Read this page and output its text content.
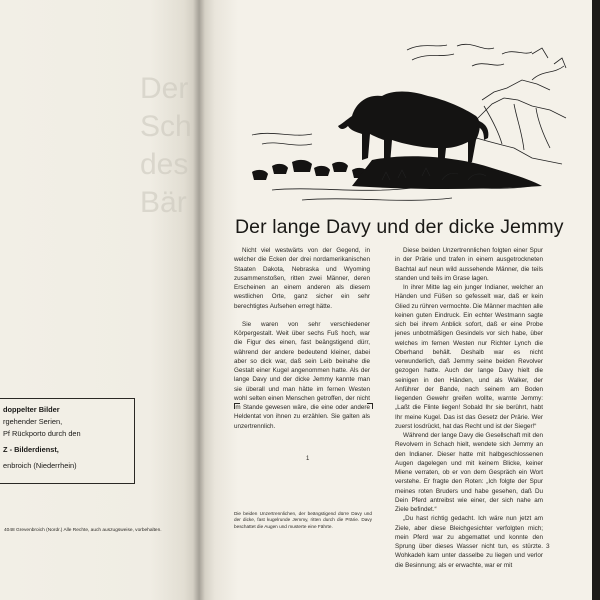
Der
Sch
des
Bär
doppelter Bilder
rgehender Serien,
Pf Rückporto durch den
Z - Bilderdienst,
enbroich (Niederrhein)
4048 Grevenbroich (Nordr.) Alle Rechte, auch auszugsweise, vorbehalten.
Der lange Davy und der dicke Jemmy

Nicht viel westwärts von der Gegend, in welcher die Ecken der drei nordamerikanischen Staaten Dakota, Nebraska und Wyoming zusammenstoßen, ritten zwei Männer, deren Erscheinen an einem anderen als diesem westlichen Orte, ganz sicher ein sehr berechtigtes Aufsehen erregt hätte.

Sie waren von sehr verschiedener Körpergestalt. Weit über sechs Fuß hoch, war die Figur des einen, fast beängstigend dürr, während der andere bedeutend kleiner, dabei aber so dick war, daß sein Leib beinahe die Gestalt einer Kugel angenommen hatte. Als der lange Davy und der dicke Jemmy kannte man sie überall und man hätte im fernen Westen wohl selten einen Menschen getroffen, der nicht im Stande gewesen wäre, die eine oder andere Heldentat von ihnen zu erzählen. Sie galten als unzertrennlich.

Diese beiden Unzertrennlichen folgten einer Spur in der Prärie und trafen in einem ausgetrockneten Bachtal auf neun wild aussehende Männer, die teils standen und teils im Grase lagen.

In ihrer Mitte lag ein junger Indianer, welcher an Händen und Füßen so gefesselt war, daß er kein Glied zu rühren vermochte. Die Männer machten alle keinen guten Eindruck. Ein echter Westmann sagte sich bei ihrem Anblick sofort, daß er eine Probe jenes unbotmäßigen Gesindels vor sich habe, über welches im fernen Westen nur Richter Lynch die Oberhand behält. Deshalb war es nicht verwunderlich, daß Jemmy seine beiden Revolver gezogen hatte. Auch der lange Davy hielt die seinigen in den Händen, und als Walker, der Anführer der Bande, nach seinem am Boden liegenden Gewehr greifen wollte, warnte Jemmy: „Laßt die Flinte liegen! Sobald Ihr sie berührt, habt Ihr meine Kugel. Das ist das Gesetz der Prärie. Wer zuerst losdrückt, hat das Recht und ist der Sieger!“

Während der lange Davy die Gesellschaft mit den Revolvern in Schach hielt, wendete sich Jemmy an den Indianer. Dieser hatte mit halbgeschlossenen Augen dagelegen und mit keinem Blicke, keiner Miene verraten, ob er von dem Gespräch ein Wort verstehe. Er fragte den Roten: „Ich folgte der Spur meines roten Bruders und habe gesehen, daß Du Dein Pferd antreibst wie einer, der sich nahe am Ziele befindet.“

„Du hast richtig gedacht. Ich wäre nun jetzt am Ziele, aber diese Bleichgesichter verfolgten mich; mein Pferd war zu abgemattet und konnte den Sprung über dieses Wasser nicht tun, es stürzte. Wohkadeh kam unter dasselbe zu liegen und verlor die Besinnung; als er erwachte, war er mit

1
Die beiden Unzertrennlichen, der beängstigend dürre Davy und der dicke, fast kugelrunde Jemmy, ritten durch die Prärie. Davy beschattet die Augen und musterte eine Fährte.
3
